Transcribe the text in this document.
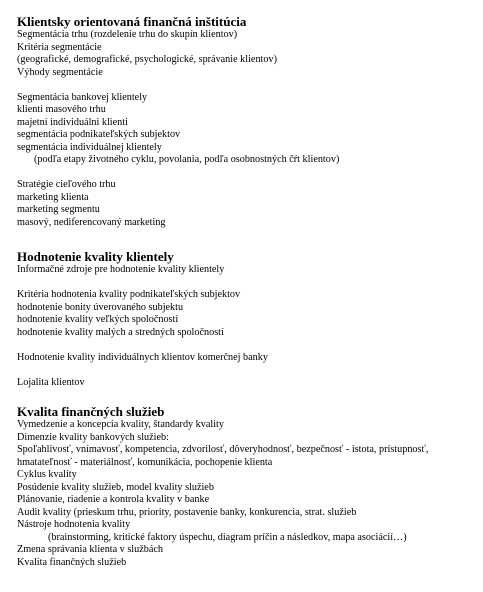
Klientsky orientovaná finančná inštitúcia
Segmentácia trhu (rozdelenie trhu do skupín klientov)
Kritéria segmentácie
(geografické, demografické, psychologické, správanie klientov)
Výhody segmentácie
Segmentácia bankovej klientely
klienti masového trhu
majetní individuálni klienti
segmentácia podnikateľských subjektov
segmentácia individuálnej klientely
(podľa etapy životného cyklu, povolania, podľa osobnostných čŕt klientov)
Stratégie cieľového trhu
marketing klienta
marketing segmentu
masový, nediferencovaný marketing
Hodnotenie kvality klientely
Informačné zdroje pre hodnotenie kvality klientely
Kritéria hodnotenia kvality podnikateľských subjektov
hodnotenie bonity úverovaného subjektu
hodnotenie kvality veľkých spoločností
hodnotenie kvality malých a stredných spoločností
Hodnotenie kvality individuálnych klientov komerčnej banky
Lojalita klientov
Kvalita finančných služieb
Vymedzenie a koncepcia kvality, štandardy kvality
Dimenzie kvality bankových služieb:
Spoľahlivosť, vnímavosť, kompetencia, zdvorilosť, dôveryhodnosť, bezpečnosť - istota, prístupnosť,
hmatateľnosť - materiálnosť, komunikácia, pochopenie klienta
Cyklus kvality
Posúdenie kvality služieb, model kvality služieb
Plánovanie, riadenie a kontrola kvality v banke
Audit kvality (prieskum trhu, priority, postavenie banky, konkurencia, strat. služieb
Nástroje hodnotenia kvality
(brainstorming, kritické faktory úspechu, diagram príčin a následkov, mapa asociácií…)
Zmena správania klienta v službách
Kvalita finančných služieb
